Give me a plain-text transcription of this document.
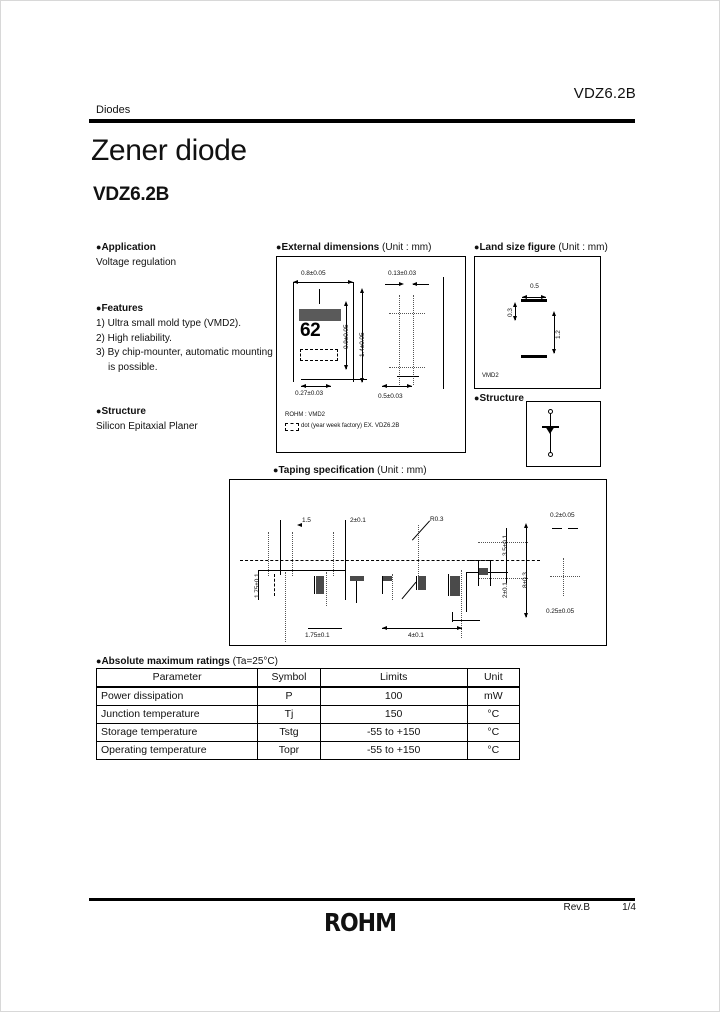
VDZ6.2B
Diodes
Zener diode
VDZ6.2B
●Application
Voltage regulation
●Features
1) Ultra small mold type (VMD2).
2) High reliability.
3) By chip-mounter, automatic mounting
is possible.
●Structure
Silicon Epitaxial Planer
●External dimensions (Unit : mm)
0.8±0.05
62	0.9±0.05 1.4±0.05
0.13±0.03
0.27±0.03	0.5±0.03
ROHM : VMD2
dot (year week factory) EX. VDZ6.2B
●Land size figure (Unit : mm)
0.5
0.3
1.2
VMD2
●Structure
●Taping specification (Unit : mm)
1.5	2±0.1	R0.3
1.75±0.1
1.75±0.1	4±0.1
3.5±0.1
2±0.1
8±0.3
0.2±0.05
0.25±0.05
●Absolute maximum ratings (Ta=25°C)
Parameter	Symbol	Limits	Unit
Power dissipation	P	100	mW
Junction temperature	Tj	150	°C
Storage temperature	Tstg	-55 to +150	°C
Operating temperature	Topr	-55 to +150	°C
Rev.B	1/4
ROHM
